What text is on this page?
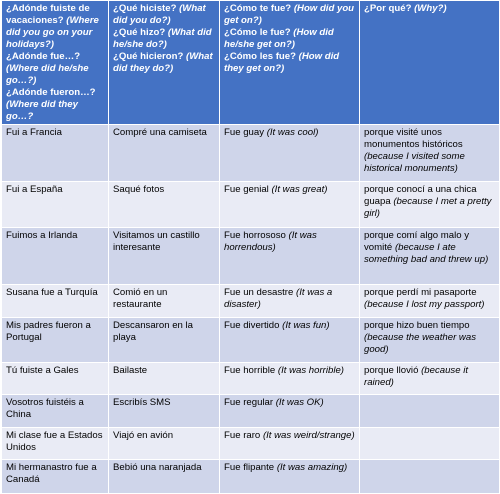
¿Adónde fuiste de vacaciones? (Where did you go on your holidays?)
¿Adónde fue…? (Where did he/she go…?)
¿Adónde fueron…? (Where did they go…?	¿Qué hiciste? (What did you do?)
¿Qué hizo? (What did he/she do?)
¿Qué hicieron? (What did they do?)	¿Cómo te fue? (How did you get on?)
¿Cómo le fue? (How did he/she get on?)
¿Cómo les fue? (How did they get on?)	¿Por qué? (Why?)

Fui a Francia	Compré una camiseta	Fue guay (It was cool)	porque visité unos monumentos históricos (because I visited some historical monuments)
Fui a España	Saqué fotos	Fue genial (It was great)	porque conocí a una chica guapa (because I met a pretty girl)
Fuimos a Irlanda	Visitamos un castillo interesante	Fue horrososo (It was horrendous)	porque comí algo malo y vomité (because I ate something bad and threw up)
Susana fue a Turquía	Comió en un restaurante	Fue un desastre (It was a disaster)	porque perdí mi pasaporte (because I lost my passport)
Mis padres fueron a Portugal	Descansaron en la playa	Fue divertido (It was fun)	porque hizo buen tiempo (because the weather was good)
Tú fuiste a Gales	Bailaste	Fue horrible (It was horrible)	porque llovió (because it rained)
Vosotros fuistéis a China	Escribís SMS	Fue regular (It was OK)	
Mi clase fue a Estados Unidos	Viajó en avión	Fue raro (It was weird/strange)	
Mi hermanastro fue a Canadá	Bebió una naranjada	Fue flipante (It was amazing)	
